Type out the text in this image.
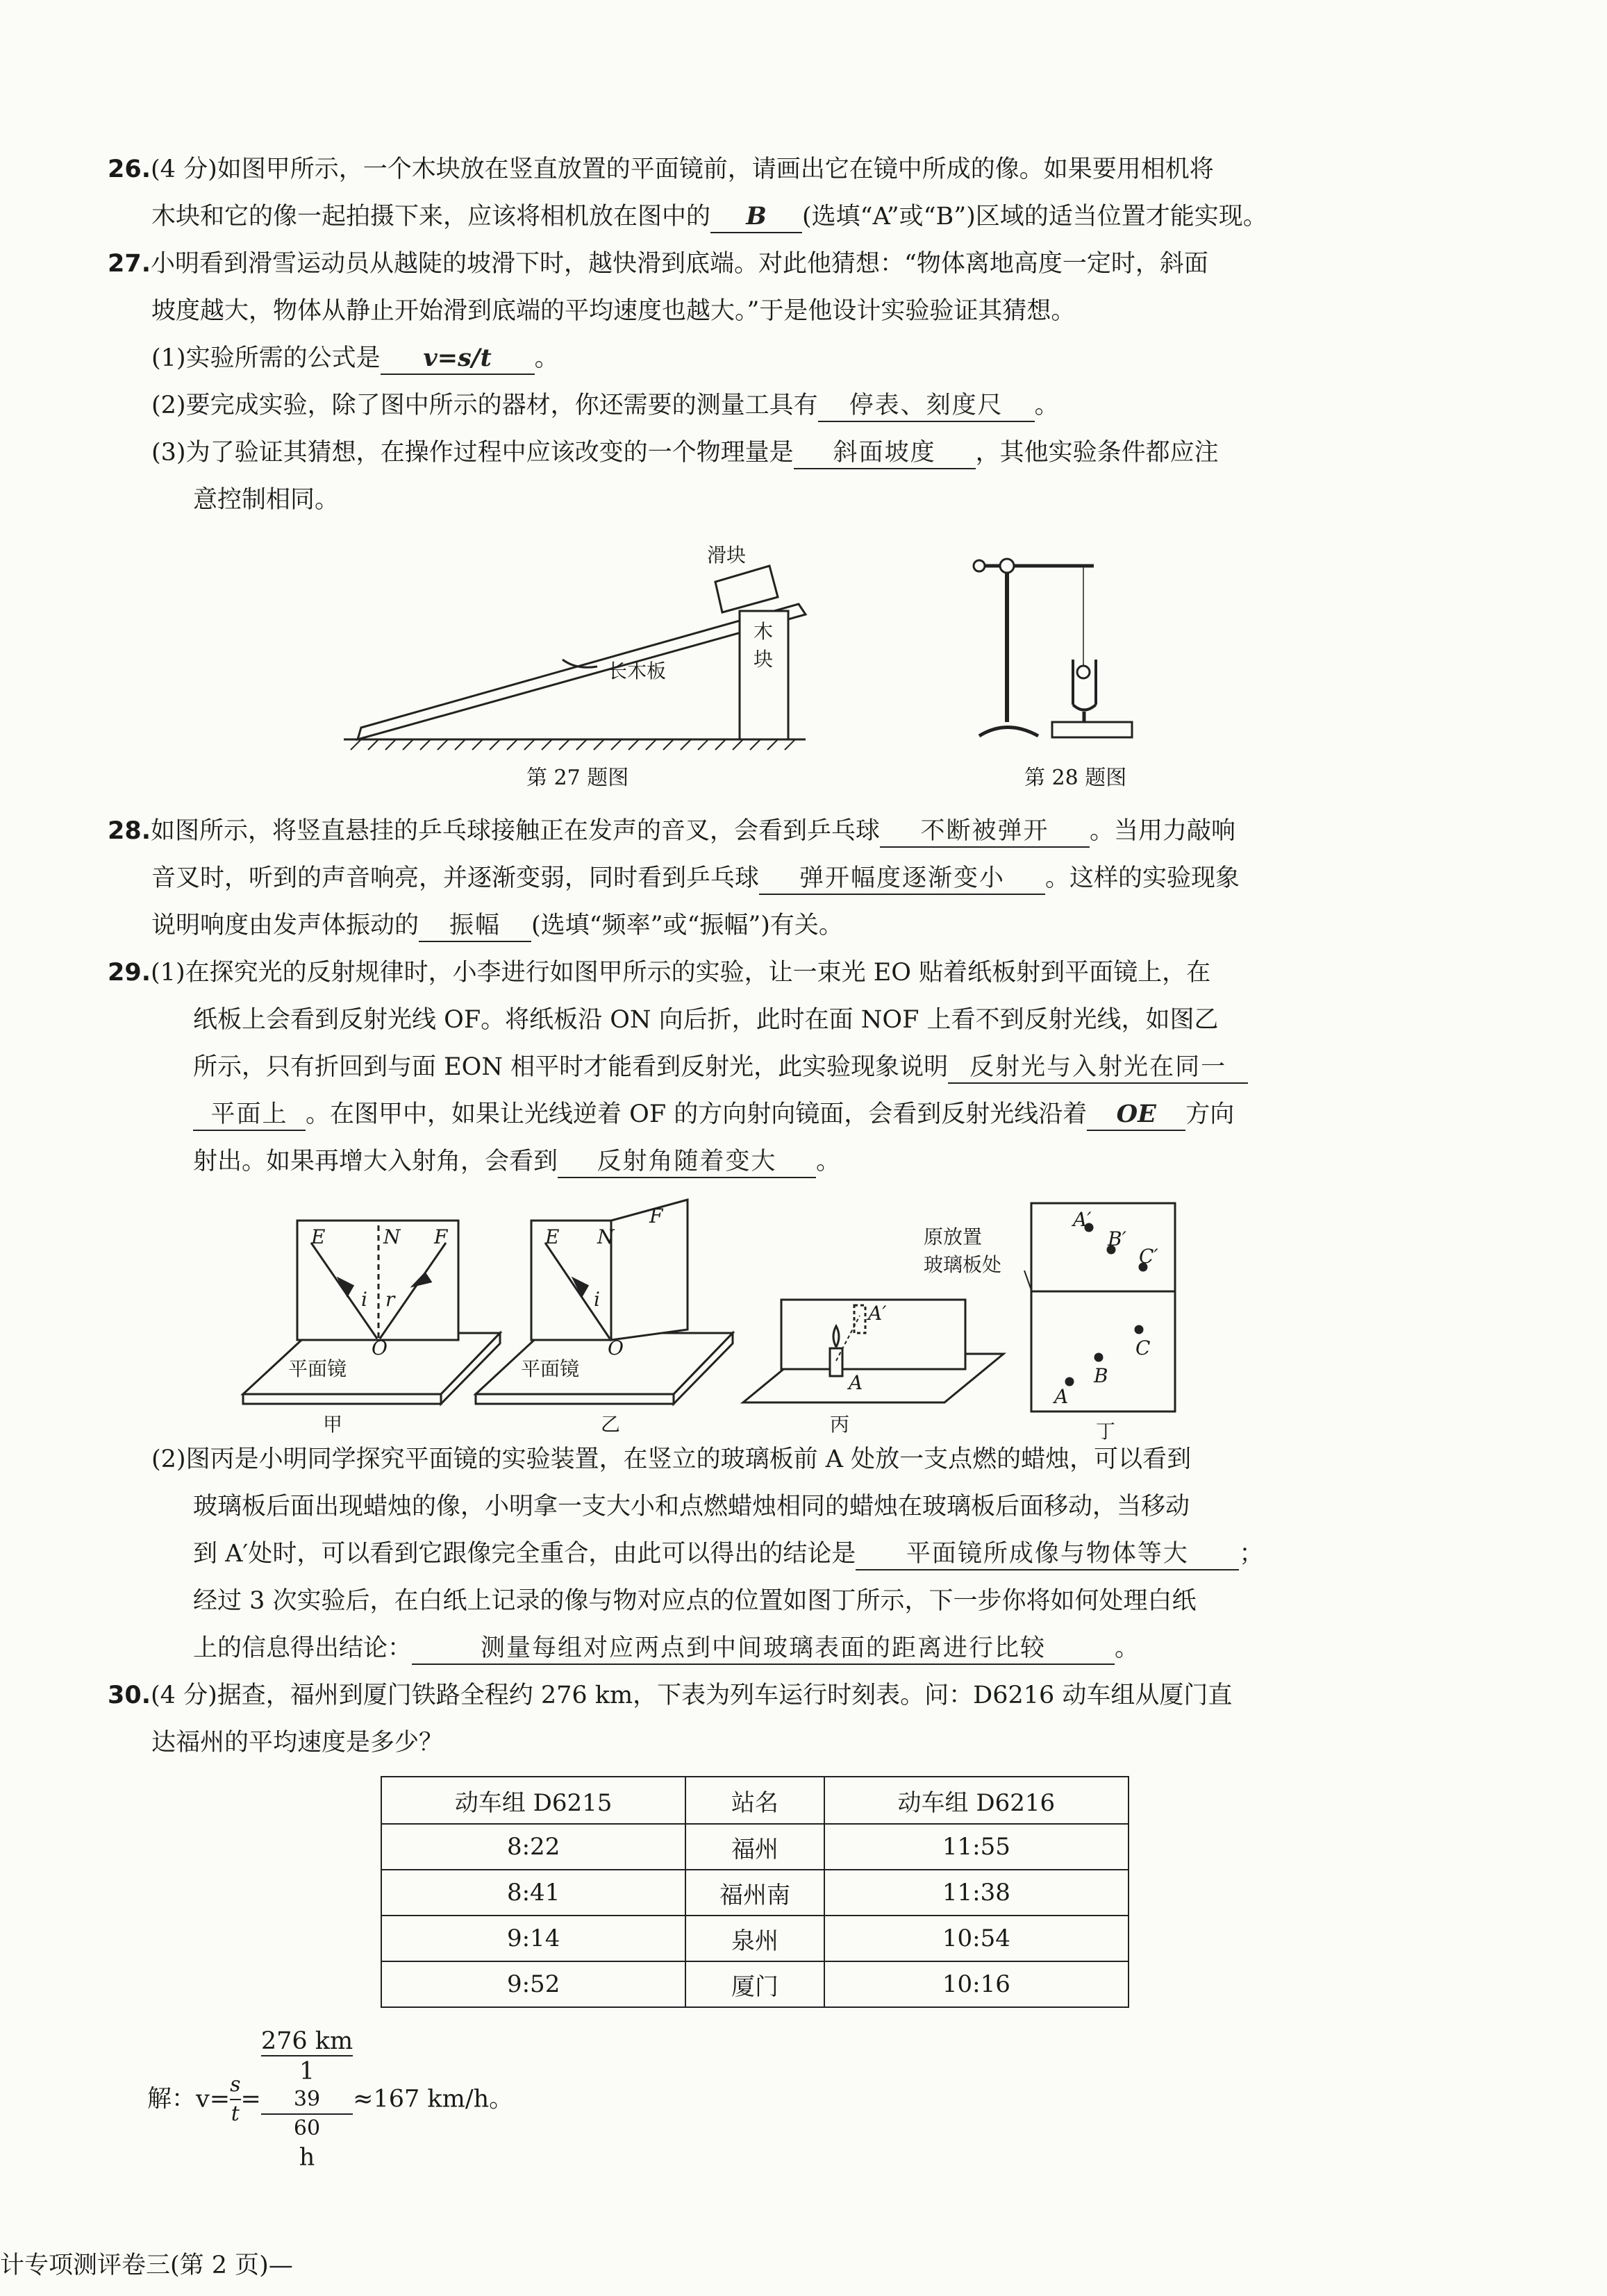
26.(4 分)如图甲所示，一个木块放在竖直放置的平面镜前，请画出它在镜中所成的像。如果要用相机将
木块和它的像一起拍摄下来，应该将相机放在图中的 B (选填“A”或“B”)区域的适当位置才能实现。
27.小明看到滑雪运动员从越陡的坡滑下时，越快滑到底端。对此他猜想：“物体离地高度一定时，斜面
坡度越大，物体从静止开始滑到底端的平均速度也越大。”于是他设计实验验证其猜想。
(1)实验所需的公式是 v=s/t 。
(2)要完成实验，除了图中所示的器材，你还需要的测量工具有 停表、刻度尺 。
(3)为了验证其猜想，在操作过程中应该改变的一个物理量是 斜面坡度 ，其他实验条件都应注
意控制相同。
滑块
长木板
木
块
第 27 题图	第 28 题图
28.如图所示，将竖直悬挂的乒乓球接触正在发声的音叉，会看到乒乓球 不断被弹开 。当用力敲响
音叉时，听到的声音响亮，并逐渐变弱，同时看到乒乓球 弹开幅度逐渐变小 。这样的实验现象
说明响度由发声体振动的 振幅 (选填“频率”或“振幅”)有关。
29.(1)在探究光的反射规律时，小李进行如图甲所示的实验，让一束光 EO 贴着纸板射到平面镜上，在
纸板上会看到反射光线 OF。将纸板沿 ON 向后折，此时在面 NOF 上看不到反射光线，如图乙
所示，只有折回到与面 EON 相平时才能看到反射光，此实验现象说明 反射光与入射光在同一
平面上 。在图甲中，如果让光线逆着 OF 的方向射向镜面，会看到反射光线沿着 OE 方向
射出。如果再增大入射角，会看到 反射角随着变大 。
E	N F
i r
O
平面镜
甲
E N
F
i
O
平面镜
乙
A′
A
丙
原放置
玻璃板处
A′
B′
C′
C
B
A
丁
(2)图丙是小明同学探究平面镜的实验装置，在竖立的玻璃板前 A 处放一支点燃的蜡烛，可以看到
玻璃板后面出现蜡烛的像，小明拿一支大小和点燃蜡烛相同的蜡烛在玻璃板后面移动，当移动
到 A′处时，可以看到它跟像完全重合，由此可以得出的结论是 平面镜所成像与物体等大 ；
经过 3 次实验后，在白纸上记录的像与物对应点的位置如图丁所示，下一步你将如何处理白纸
上的信息得出结论：	测量每组对应两点到中间玻璃表面的距离进行比较	。
30.(4 分)据查，福州到厦门铁路全程约 276 km，下表为列车运行时刻表。问：D6216 动车组从厦门直
达福州的平均速度是多少？
动车组 D6215	站名	动车组 D6216
8:22	福州	11:55
8:41	福州南	11:38
9:14	泉州	10:54
9:52	厦门	10:16
解：$v= \frac{s}{t} = 276$ km
1
39
60
h ≈167 km/h。
计专项测评卷三(第 2 页)—
